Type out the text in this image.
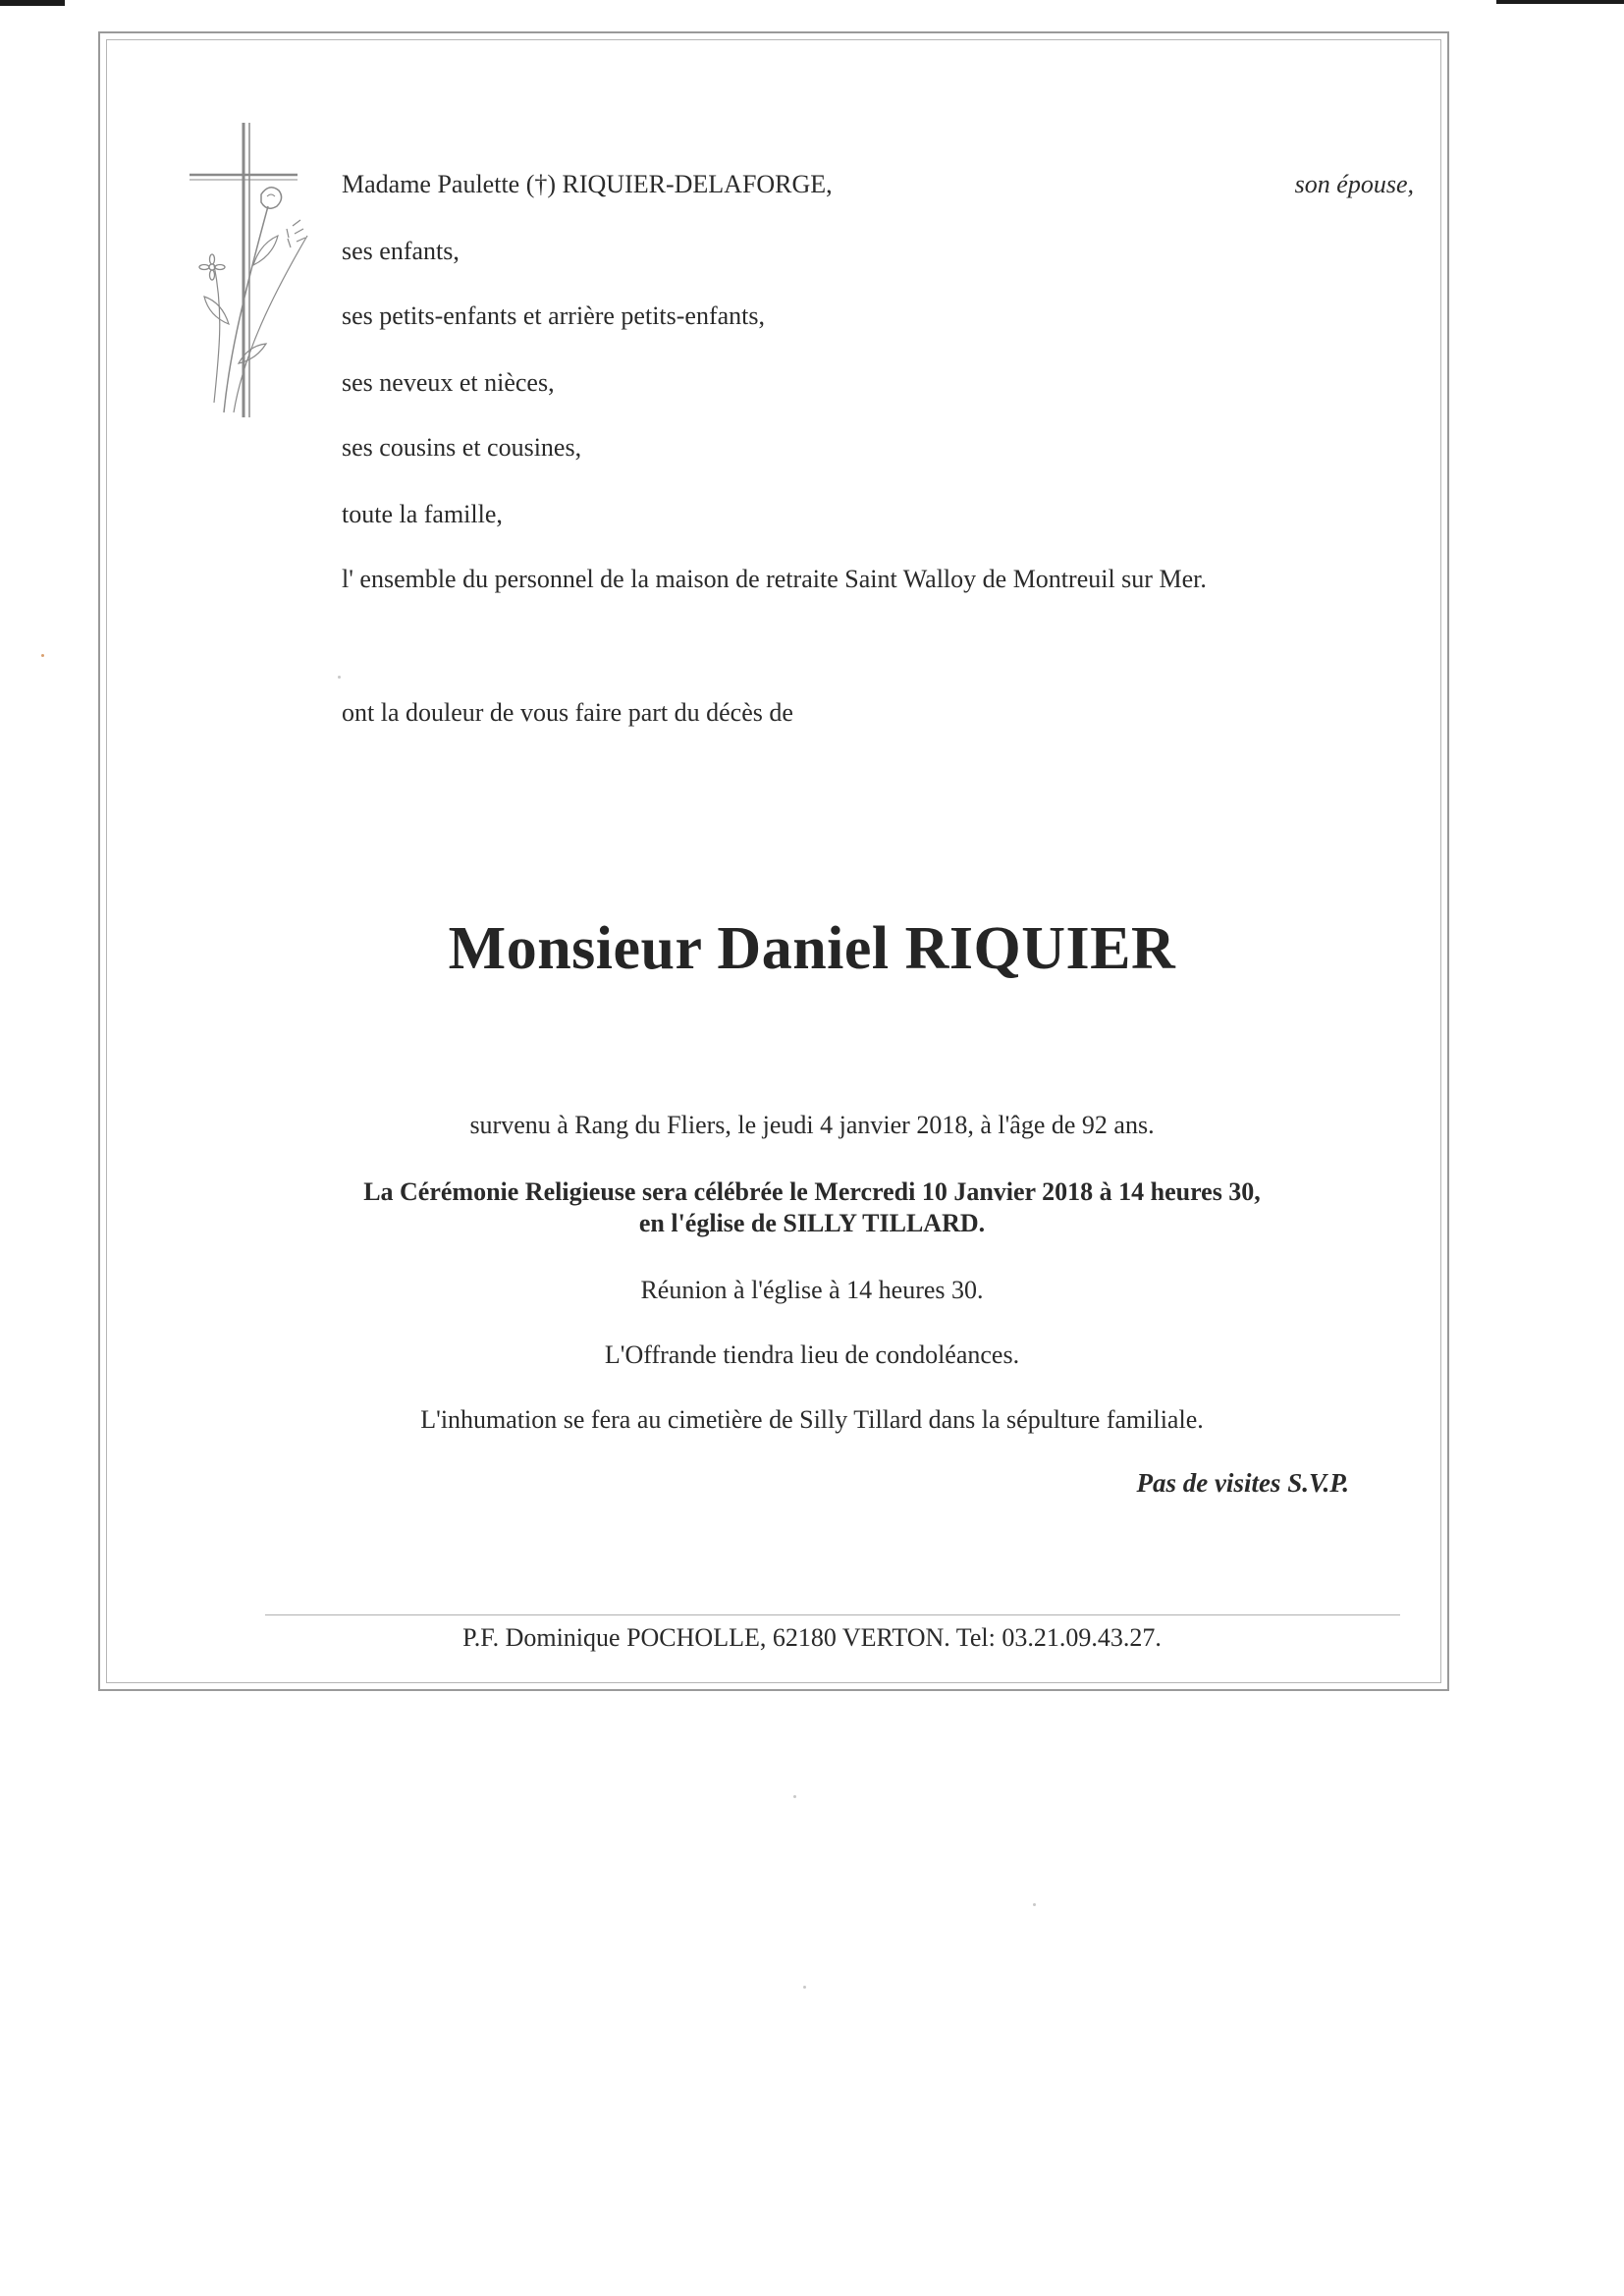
Madame Paulette (†) RIQUIER-DELAFORGE,	son épouse,
ses enfants,
ses petits-enfants et arrière petits-enfants,
ses neveux et nièces,
ses cousins et cousines,
toute la famille,
l' ensemble du personnel de la maison de retraite Saint Walloy de Montreuil sur Mer.
ont la douleur de vous faire part du décès de
Monsieur Daniel RIQUIER
survenu à Rang du Fliers, le jeudi 4 janvier 2018, à l'âge de 92 ans.
La Cérémonie Religieuse sera célébrée le Mercredi 10 Janvier 2018 à 14 heures 30,
en l'église de SILLY TILLARD.
Réunion à l'église à 14 heures 30.
L'Offrande tiendra lieu de condoléances.
L'inhumation se fera au cimetière de Silly Tillard dans la sépulture familiale.
Pas de visites S.V.P.
P.F. Dominique POCHOLLE, 62180 VERTON. Tel: 03.21.09.43.27.
